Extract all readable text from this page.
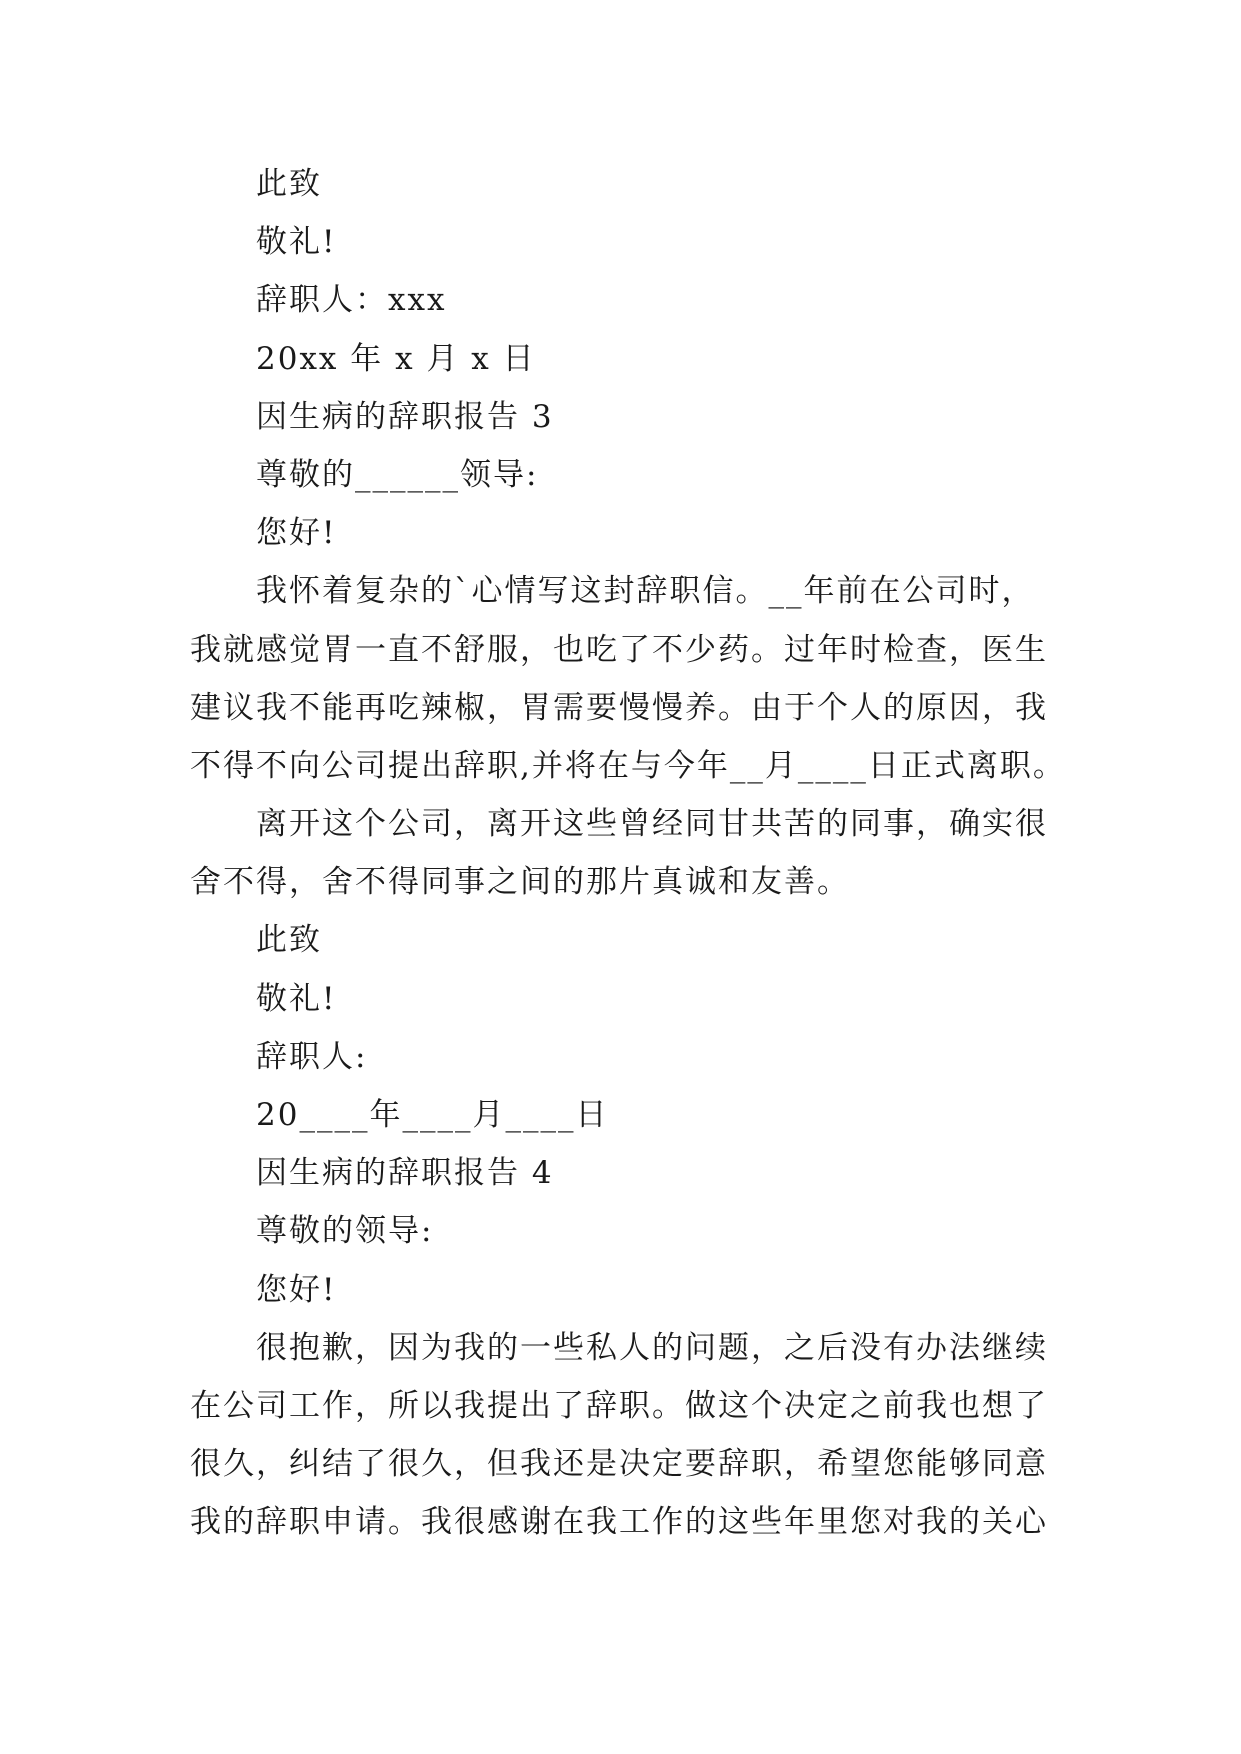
此致
敬礼!
辞职人：xxx
20xx 年 x 月 x 日
因生病的辞职报告 3
尊敬的______领导:
您好!
我怀着复杂的`心情写这封辞职信。__年前在公司时，
我就感觉胃一直不舒服，也吃了不少药。过年时检查，医生
建议我不能再吃辣椒，胃需要慢慢养。由于个人的原因，我
不得不向公司提出辞职,并将在与今年__月____日正式离职。
离开这个公司，离开这些曾经同甘共苦的同事，确实很
舍不得，舍不得同事之间的那片真诚和友善。
此致
敬礼!
辞职人:
20____年____月____日
因生病的辞职报告 4
尊敬的领导:
您好!
很抱歉，因为我的一些私人的问题，之后没有办法继续
在公司工作，所以我提出了辞职。做这个决定之前我也想了
很久，纠结了很久，但我还是决定要辞职，希望您能够同意
我的辞职申请。我很感谢在我工作的这些年里您对我的关心
